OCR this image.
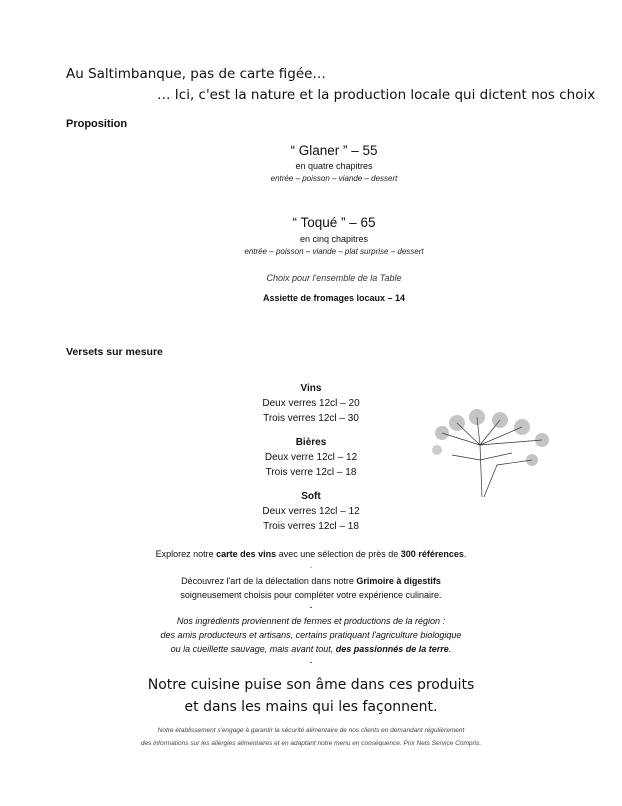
Au Saltimbanque, pas de carte figée…
… Ici, c'est la nature et la production locale qui dictent nos choix
Proposition
“ Glaner ” – 55
en quatre chapitres
entrée – poisson – viande – dessert
“ Toqué ” – 65
en cinq chapitres
entrée – poisson – viande – plat surprise – dessert
Choix pour l'ensemble de la Table
Assiette de fromages locaux – 14
Versets sur mesure
Vins
Deux verres 12cl – 20
Trois verres 12cl – 30
Bières
Deux verre 12cl – 12
Trois verre 12cl – 18
Soft
Deux verres 12cl – 12
Trois verres 12cl – 18
Explorez notre carte des vins avec une sélection de près de 300 références.
-
Découvrez l'art de la délectation dans notre Grimoire à digestifs
soigneusement choisis pour compléter votre expérience culinaire.
-
Nos ingrédients proviennent de fermes et productions de la région :
des amis producteurs et artisans, certains pratiquant l'agriculture biologique
ou la cueillette sauvage, mais avant tout, des passionnés de la terre.
-
Notre cuisine puise son âme dans ces produits
et dans les mains qui les façonnent.
Notre établissement s'engage à garantir la sécurité alimentaire de nos clients en demandant régulièrement
des informations sur les allergies alimentaires et en adaptant notre menu en conséquence. Prix Nets Service Compris.
